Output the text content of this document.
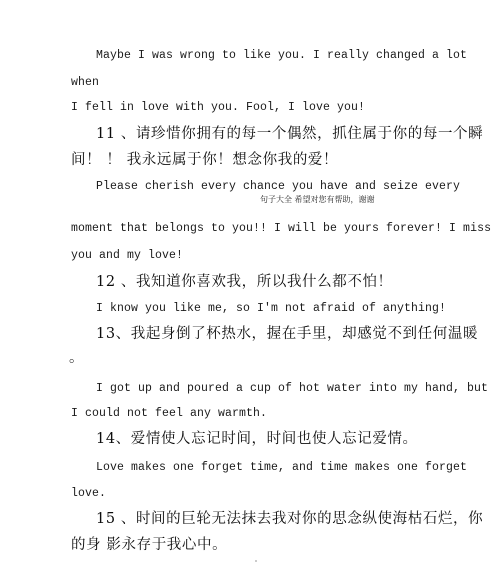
Maybe I was wrong to like you. I really changed a lot
when
I fell in love with you. Fool, I love you!
11 、请珍惜你拥有的每一个偶然，抓住属于你的每一个瞬
间！ ！ 我永远属于你！想念你我的爱！
Please cherish every chance you have and seize every
句子大全 希望对您有帮助，谢谢
moment that belongs to you!! I will be yours forever! I miss
you and my love!
12 、我知道你喜欢我，所以我什么都不怕！
I know you like me, so I'm not afraid of anything!
13、我起身倒了杯热水，握在手里，却感觉不到任何温暖
。
I got up and poured a cup of hot water into my hand, but
I could not feel any warmth.
14、爱情使人忘记时间，时间也使人忘记爱情。
Love makes one forget time, and time makes one forget
love.
15 、时间的巨轮无法抹去我对你的思念纵使海枯石烂，你
的身 影永存于我心中。
